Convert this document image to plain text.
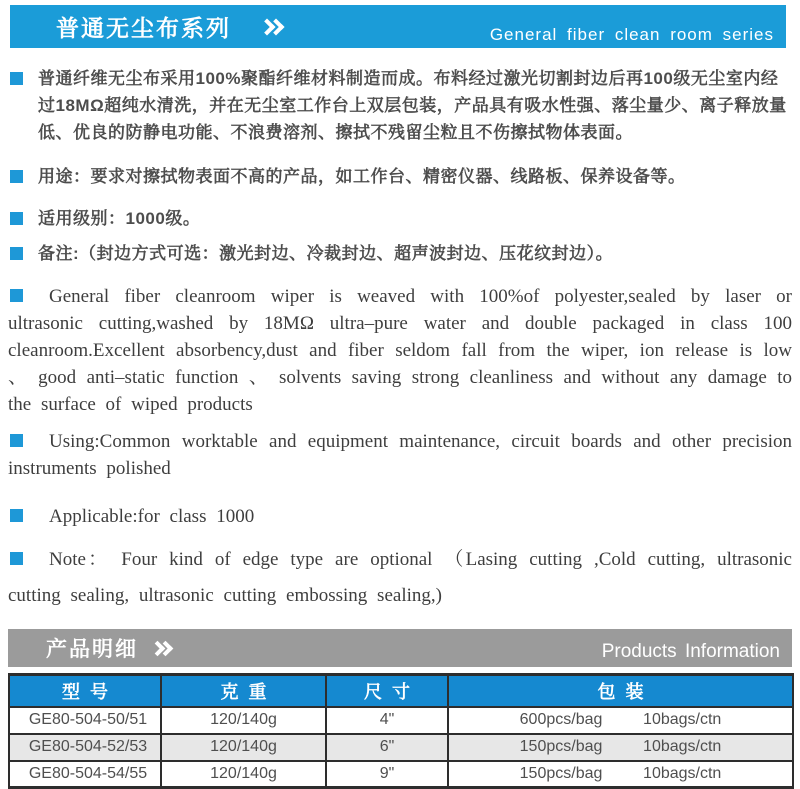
普通无尘布系列	General fiber clean room series

普通纤维无尘布采用100%聚酯纤维材料制造而成。布料经过激光切割封边后再100级无尘室内经过18MΩ超纯水清洗，并在无尘室工作台上双层包装，产品具有吸水性强、落尘量少、离子释放量低、优良的防静电功能、不浪费溶剂、擦拭不残留尘粒且不伤擦拭物体表面。

用途：要求对擦拭物表面不高的产品，如工作台、精密仪器、线路板、保养设备等。

适用级别：1000级。

备注:（封边方式可选：激光封边、冷裁封边、超声波封边、压花纹封边）。

General fiber cleanroom wiper is weaved with 100%of polyester,sealed by laser or ultrasonic cutting,washed by 18MΩ ultra–pure water and double packaged in class 100 cleanroom.Excellent absorbency,dust and fiber seldom fall from the wiper, ion release is low 、 good anti–static function 、 solvents saving strong cleanliness and without any damage to the surface of wiped products

Using:Common worktable and equipment maintenance, circuit boards and other precision instruments polished

Applicable:for class 1000

Note： Four kind of edge type are optional （Lasing cutting ,Cold cutting, ultrasonic cutting sealing, ultrasonic cutting embossing sealing,)

产品明细	Products Information
型  号	克  重	尺  寸	包  装
GE80-504-50/51	120/140g	4"	600pcs/bag 10bags/ctn

GE80-504-52/53	120/140g	6"	150pcs/bag 10bags/ctn

GE80-504-54/55	120/140g	9"	150pcs/bag 10bags/ctn
